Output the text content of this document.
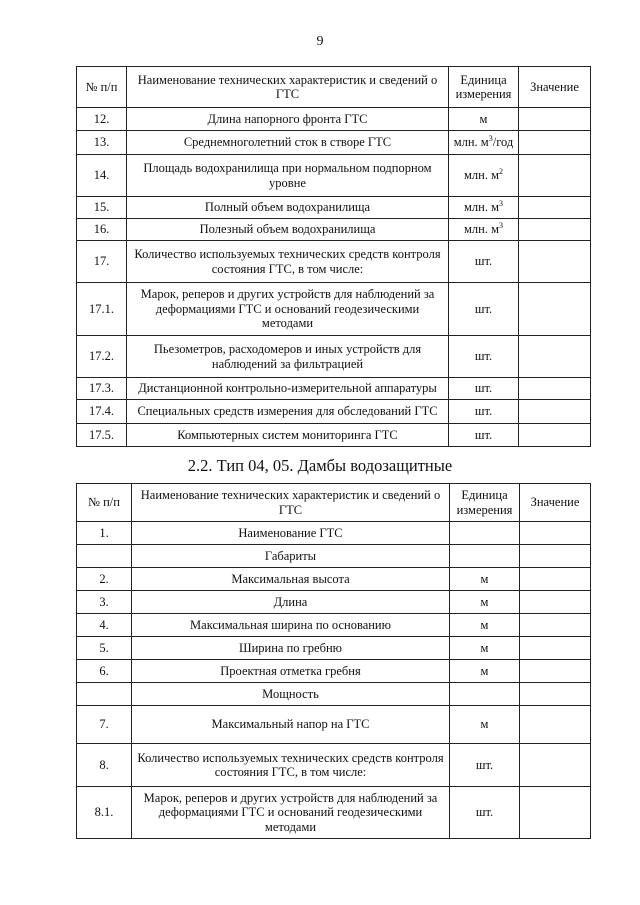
9
№ п/п	Наименование технических характеристик и сведений о ГТС	Единица измерения	Значение
12.	Длина напорного фронта ГТС	м	
13.	Среднемноголетний сток в створе ГТС	млн. $м^3$/год	
14.	Площадь водохранилища при нормальном подпорном уровне	млн. $м^2$	
15.	Полный объем водохранилища	млн. $м^3$	
16.	Полезный объем водохранилища	млн. $м^3$	
17.	Количество используемых технических средств контроля состояния ГТС, в том числе:	шт.	
17.1.	Марок, реперов и других устройств для наблюдений за деформациями ГТС и оснований геодезическими методами	шт.	
17.2.	Пьезометров, расходомеров и иных устройств для наблюдений за фильтрацией	шт.	
17.3.	Дистанционной контрольно-измерительной аппаратуры	шт.	
17.4.	Специальных средств измерения для обследований ГТС	шт.	
17.5.	Компьютерных систем мониторинга ГТС	шт.	
2.2. Тип 04, 05. Дамбы водозащитные
№ п/п	Наименование технических характеристик и сведений о ГТС	Единица измерения	Значение
1.	Наименование ГТС		
	Габариты		
2.	Максимальная высота	м	
3.	Длина	м	
4.	Максимальная ширина по основанию	м	
5.	Ширина по гребню	м	
6.	Проектная отметка гребня	м	
	Мощность		
7.	Максимальный напор на ГТС	м	
8.	Количество используемых технических средств контроля состояния ГТС, в том числе:	шт.	
8.1.	Марок, реперов и других устройств для наблюдений за деформациями ГТС и оснований геодезическими методами	шт.	
